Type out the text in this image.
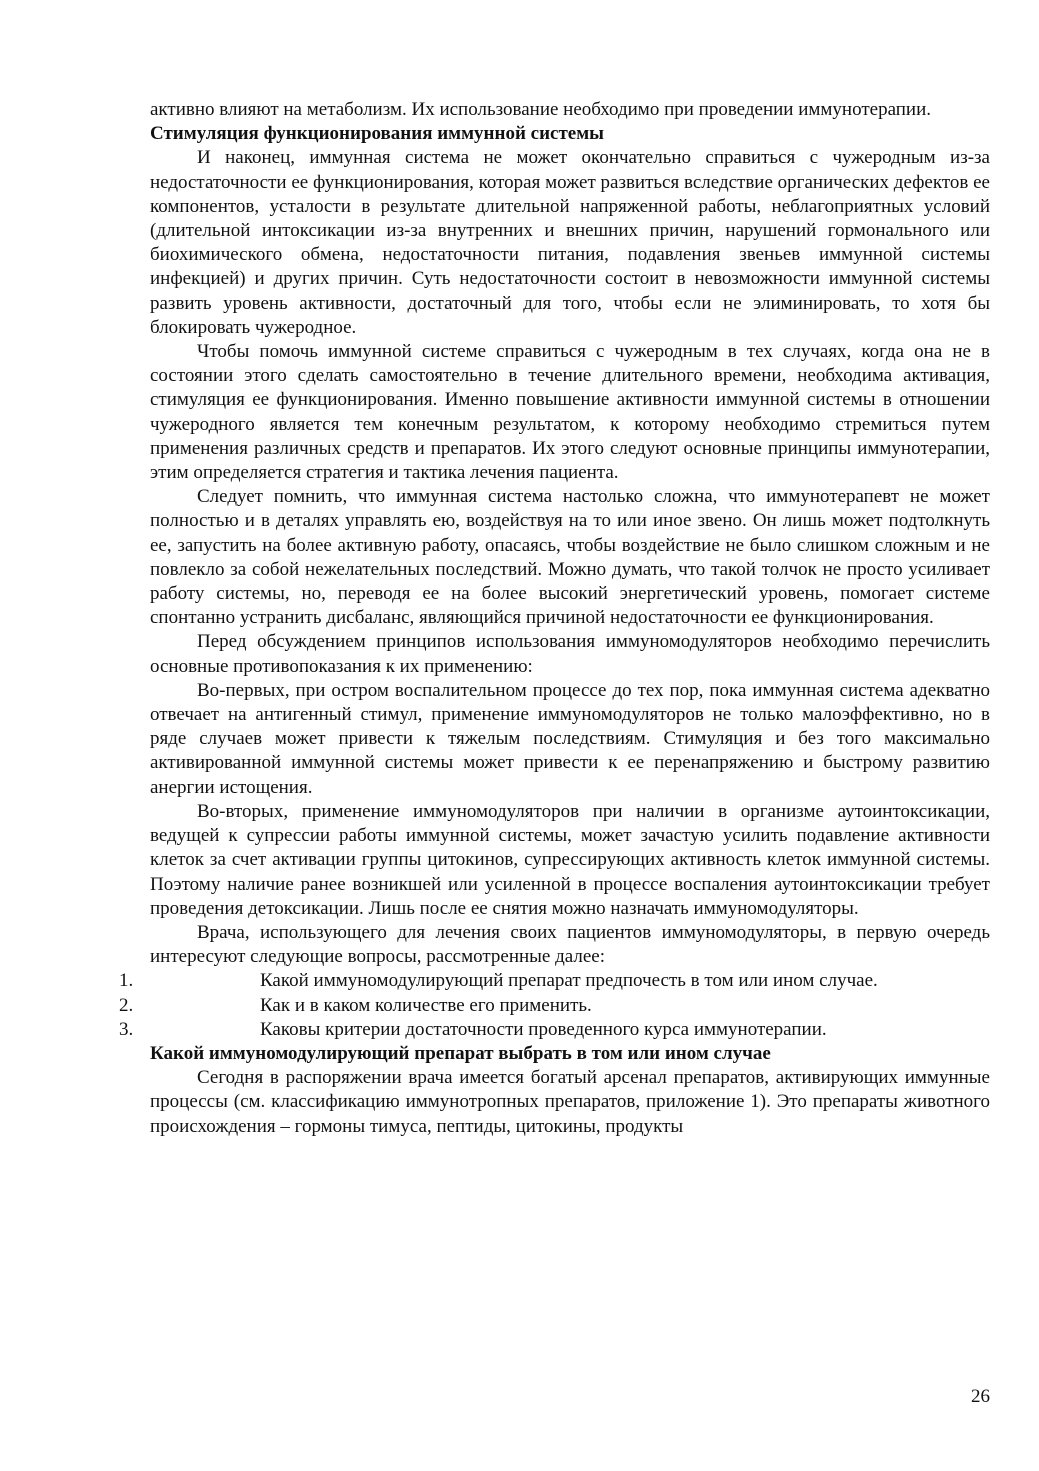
активно влияют на метаболизм. Их использование необходимо при проведении иммунотерапии.

Стимуляция функционирования иммунной системы

И наконец, иммунная система не может окончательно справиться с чужеродным из-за недостаточности ее функционирования, которая может развиться вследствие органических дефектов ее компонентов, усталости в результате длительной напряженной работы, неблагоприятных условий (длительной интоксикации из-за внутренних и внешних причин, нарушений гормонального или биохимического обмена, недостаточности питания, подавления звеньев иммунной системы инфекцией) и других причин. Суть недостаточности состоит в невозможности иммунной системы развить уровень активности, достаточный для того, чтобы если не элиминировать, то хотя бы блокировать чужеродное.

Чтобы помочь иммунной системе справиться с чужеродным в тех случаях, когда она не в состоянии этого сделать самостоятельно в течение длительного времени, необходима активация, стимуляция ее функционирования. Именно повышение активности иммунной системы в отношении чужеродного является тем конечным результатом, к которому необходимо стремиться путем применения различных средств и препаратов. Их этого следуют основные принципы иммунотерапии, этим определяется стратегия и тактика лечения пациента.

Следует помнить, что иммунная система настолько сложна, что иммунотерапевт не может полностью и в деталях управлять ею, воздействуя на то или иное звено. Он лишь может подтолкнуть ее, запустить на более активную работу, опасаясь, чтобы воздействие не было слишком сложным и не повлекло за собой нежелательных последствий. Можно думать, что такой толчок не просто усиливает работу системы, но, переводя ее на более высокий энергетический уровень, помогает системе спонтанно устранить дисбаланс, являющийся причиной недостаточности ее функционирования.

Перед обсуждением принципов использования иммуномодуляторов необходимо перечислить основные противопоказания к их применению:

Во-первых, при остром воспалительном процессе до тех пор, пока иммунная система адекватно отвечает на антигенный стимул, применение иммуномодуляторов не только малоэффективно, но в ряде случаев может привести к тяжелым последствиям. Стимуляция и без того максимально активированной иммунной системы может привести к ее перенапряжению и быстрому развитию анергии истощения.

Во-вторых, применение иммуномодуляторов при наличии в организме аутоинтоксикации, ведущей к супрессии работы иммунной системы, может зачастую усилить подавление активности клеток за счет активации группы цитокинов, супрессирующих активность клеток иммунной системы. Поэтому наличие ранее возникшей или усиленной в процессе воспаления аутоинтоксикации требует проведения детоксикации. Лишь после ее снятия можно назначать иммуномодуляторы.

Врача, использующего для лечения своих пациентов иммуномодуляторы, в первую очередь интересуют следующие вопросы, рассмотренные далее:

1.	Какой иммуномодулирующий препарат предпочесть в том или ином случае.
2.	Как и в каком количестве его применить.
3.	Каковы критерии достаточности проведенного курса иммунотерапии.

Какой иммуномодулирующий препарат выбрать в том или ином случае

Сегодня в распоряжении врача имеется богатый арсенал препаратов, активирующих иммунные процессы (см. классификацию иммунотропных препаратов, приложение 1). Это препараты животного происхождения – гормоны тимуса, пептиды, цитокины, продукты

26
